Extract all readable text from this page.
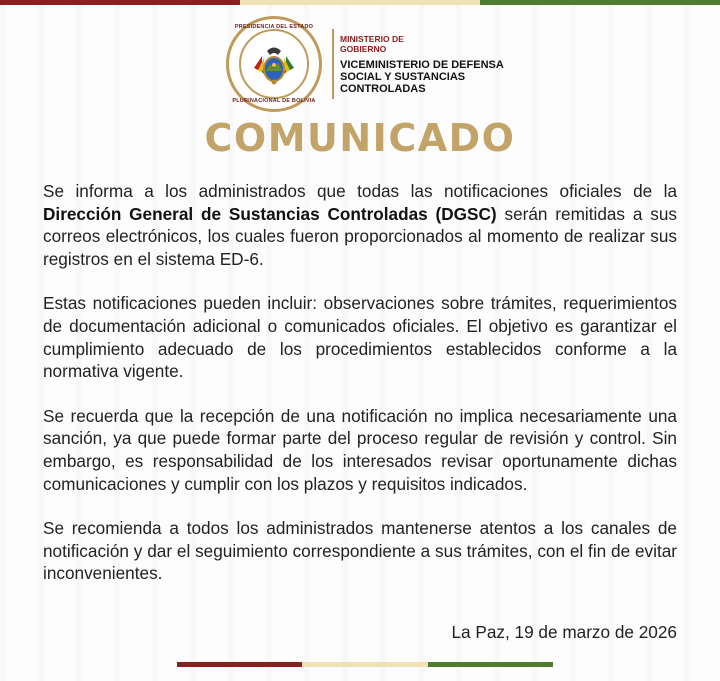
PRESIDENCIA DEL ESTADO
PLURINACIONAL DE BOLIVIA
MINISTERIO DE GOBIERNO
VICEMINISTERIO DE DEFENSA SOCIAL Y SUSTANCIAS CONTROLADAS
COMUNICADO

Se informa a los administrados que todas las notificaciones oficiales de la Dirección General de Sustancias Controladas (DGSC) serán remitidas a sus correos electrónicos, los cuales fueron proporcionados al momento de realizar sus registros en el sistema ED-6.

Estas notificaciones pueden incluir: observaciones sobre trámites, requerimientos de documentación adicional o comunicados oficiales. El objetivo es garantizar el cumplimiento adecuado de los procedimientos establecidos conforme a la normativa vigente.

Se recuerda que la recepción de una notificación no implica necesariamente una sanción, ya que puede formar parte del proceso regular de revisión y control. Sin embargo, es responsabilidad de los interesados revisar oportunamente dichas comunicaciones y cumplir con los plazos y requisitos indicados.

Se recomienda a todos los administrados mantenerse atentos a los canales de notificación y dar el seguimiento correspondiente a sus trámites, con el fin de evitar inconvenientes.

La Paz, 19 de marzo de 2026
